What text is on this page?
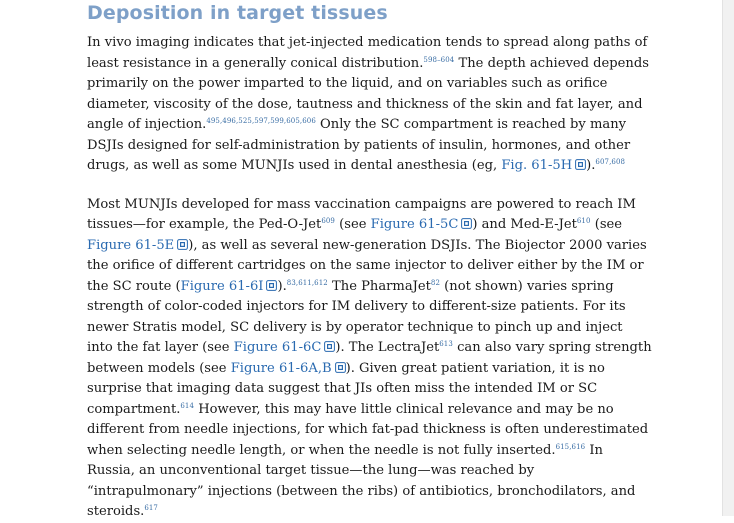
Deposition in target tissues

In vivo imaging indicates that jet-injected medication tends to spread along paths of least resistance in a generally conical distribution.$^{598-604}$ The depth achieved depends primarily on the power imparted to the liquid, and on variables such as orifice diameter, viscosity of the dose, tautness and thickness of the skin and fat layer, and angle of injection.$^{495,496,525,597,599,605,606}$ Only the SC compartment is reached by many DSJIs designed for self-administration by patients of insulin, hormones, and other drugs, as well as some MUNJIs used in dental anesthesia (eg, Fig. 61-5H ).$^{607,608}$

Most MUNJIs developed for mass vaccination campaigns are powered to reach IM tissues—for example, the Ped-O-Jet$^{609}$ (see Figure 61-5C ) and Med-E-Jet$^{610}$ (see Figure 61-5E ), as well as several new-generation DSJIs. The Biojector 2000 varies the orifice of different cartridges on the same injector to deliver either by the IM or the SC route (Figure 61-6I ).$^{83,611,612}$ The PharmaJet$^{82}$ (not shown) varies spring strength of color-coded injectors for IM delivery to different-size patients. For its newer Stratis model, SC delivery is by operator technique to pinch up and inject into the fat layer (see Figure 61-6C ). The LectraJet$^{613}$ can also vary spring strength between models (see Figure 61-6A,B ). Given great patient variation, it is no surprise that imaging data suggest that JIs often miss the intended IM or SC compartment.$^{614}$ However, this may have little clinical relevance and may be no different from needle injections, for which fat-pad thickness is often underestimated when selecting needle length, or when the needle is not fully inserted.$^{615,616}$ In Russia, an unconventional target tissue—the lung—was reached by “intrapulmonary” injections (between the ribs) of antibiotics, bronchodilators, and steroids.$^{617}$
